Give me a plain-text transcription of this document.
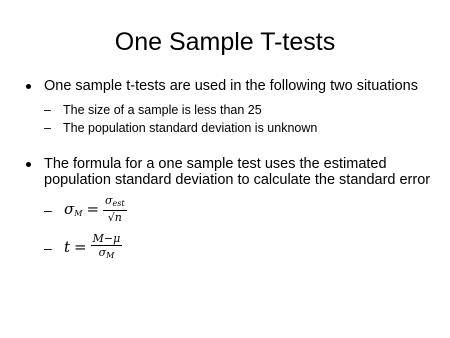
One Sample T-tests
One sample t-tests are used in the following two situations
– The size of a sample is less than 25
– The population standard deviation is unknown
The formula for a one sample test uses the estimated population standard deviation to calculate the standard error
– $\sigma_M = \frac{\sigma_{est}}{√n}$
– $t = \frac{M-\mu}{\sigma_M}$
